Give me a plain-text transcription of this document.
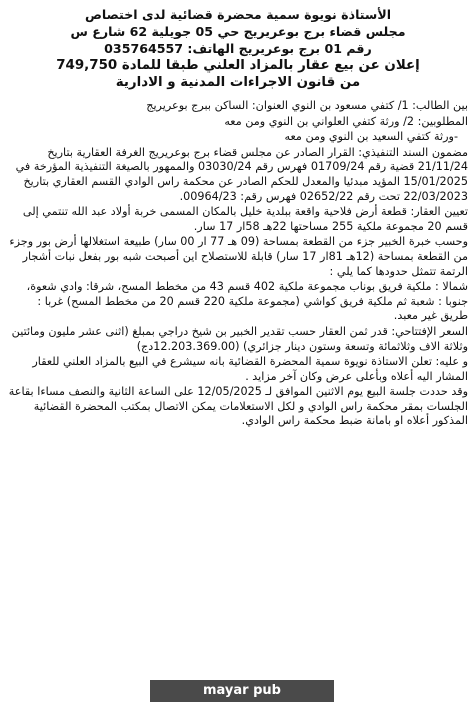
الأستاذة نويوة سمية محضرة قضائية لدى اختصاص
مجلس قضاء برج بوعريريج حي 05 جويلية 62 شارع س
رقم 01 برج بوعريريج الهاتف: 035764557
إعلان عن بيع عقار بالمزاد العلني طبقا للمادة 749,750
من قانون الاجراءات المدنية و الادارية

بين الطالب: 1/ كتفي مسعود بن النوي العنوان: الساكن ببرج بوعريريج

المطلوبين: 2/ ورثة كتفي العلواني بن النوي ومن معه

-ورثة كتفي السعيد بن النوي ومن معه

مضمون السند التنفيذي: القرار الصادر عن مجلس قضاء برج بوعريريج الغرفة العقارية بتاريخ 21/11/24 قضية رقم 01709/24 فهرس رقم 03030/24 والممهور بالصيغة التنفيذية المؤرخة في 15/01/2025 المؤيد مبدئيا والمعدل للحكم الصادر عن محكمة راس الوادي القسم العقاري بتاريخ 22/03/2023 تحت رقم 02652/22 فهرس رقم: 00964/23.

تعيين العقار: قطعة أرض فلاحية واقعة ببلدية خليل بالمكان المسمى خربة أولاد عبد الله تنتمي إلى قسم 20 مجموعة ملكية 255 مساحتها 22هـ 58ار 17 سار.

وحسب خبرة الخبير جزء من القطعة بمساحة (09 هـ 77 ار 00 سار) طبيعة استغلالها أرض بور وجزء من القطعة بمساحة (12هـ 81ار 17 سار) قابلة للاستصلاح اين أصبحت شبه بور بفعل نبات أشجار الرتمة تتمثل حدودها كما يلي :

شمالا : ملكية فريق بوناب مجموعة ملكية 402 قسم 43 من مخطط المسح، شرقا: وادي شعوة، جنوبا : شعبة ثم ملكية فريق كواشي (مجموعة ملكية 220 قسم 20 من مخطط المسح) غربا : طريق غير معبد.

السعر الإفتتاحي: قدر ثمن العقار حسب تقدير الخبير بن شيخ دراجي بمبلغ (اثنى عشر مليون ومائتين وثلاثة الاف وثلاثمائة وتسعة وستون دينار جزائري) (12.203.369.00دج)

و عليه: تعلن الاستاذة نويوة سمية المحضرة القضائية بانه سيشرع في البيع بالمزاد العلني للعقار المشار اليه أعلاه وبأعلى عرض وكان آخر مزايد .

وقد حددت جلسة البيع يوم الاثنين الموافق لـ 12/05/2025 على الساعة الثانية والنصف مساءا بقاعة الجلسات بمقر محكمة راس الوادي و لكل الاستعلامات يمكن الاتصال بمكتب المحضرة القضائية المذكور أعلاه او بامانة ضبط محكمة راس الوادي.

mayar pub 0770.82.06.12
